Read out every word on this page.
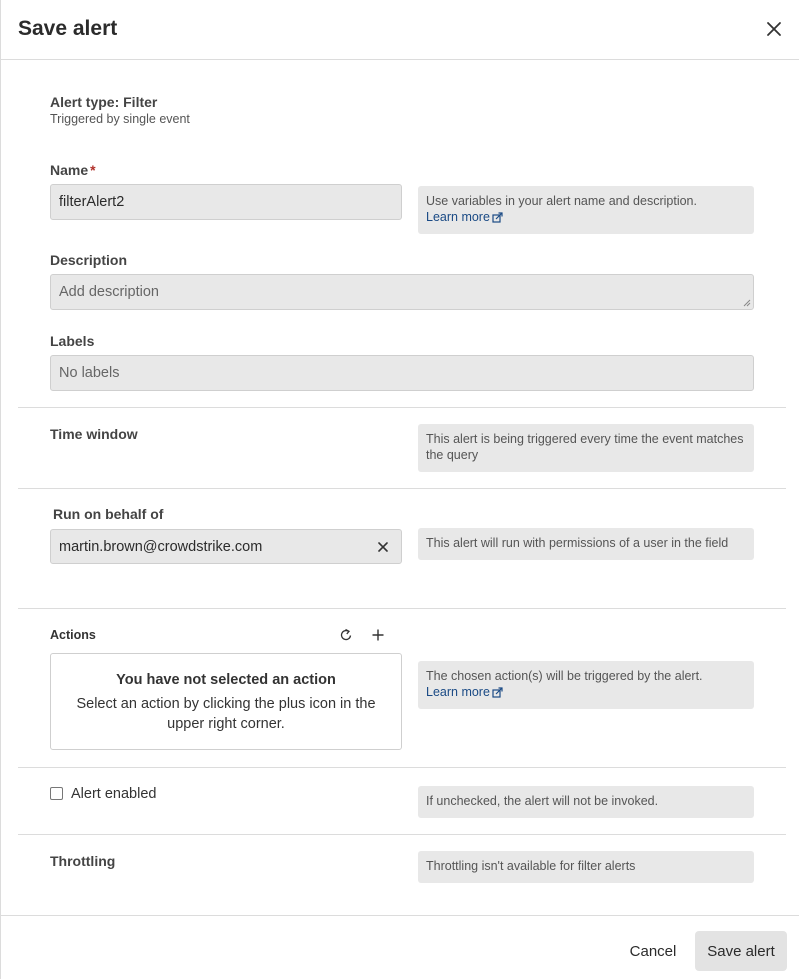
Save alert
Alert type: Filter
Triggered by single event
Name *
filterAlert2	Use variables in your alert name and description.
Learn more
Description
Add description
Labels
No labels
Time window	This alert is being triggered every time the event matches the query
Run on behalf of
martin.brown@crowdstrike.com	This alert will run with permissions of a user in the field
Actions
You have not selected an action
Select an action by clicking the plus icon in the upper right corner.
The chosen action(s) will be triggered by the alert.
Learn more
Alert enabled	If unchecked, the alert will not be invoked.
Throttling	Throttling isn't available for filter alerts
Cancel	Save alert
